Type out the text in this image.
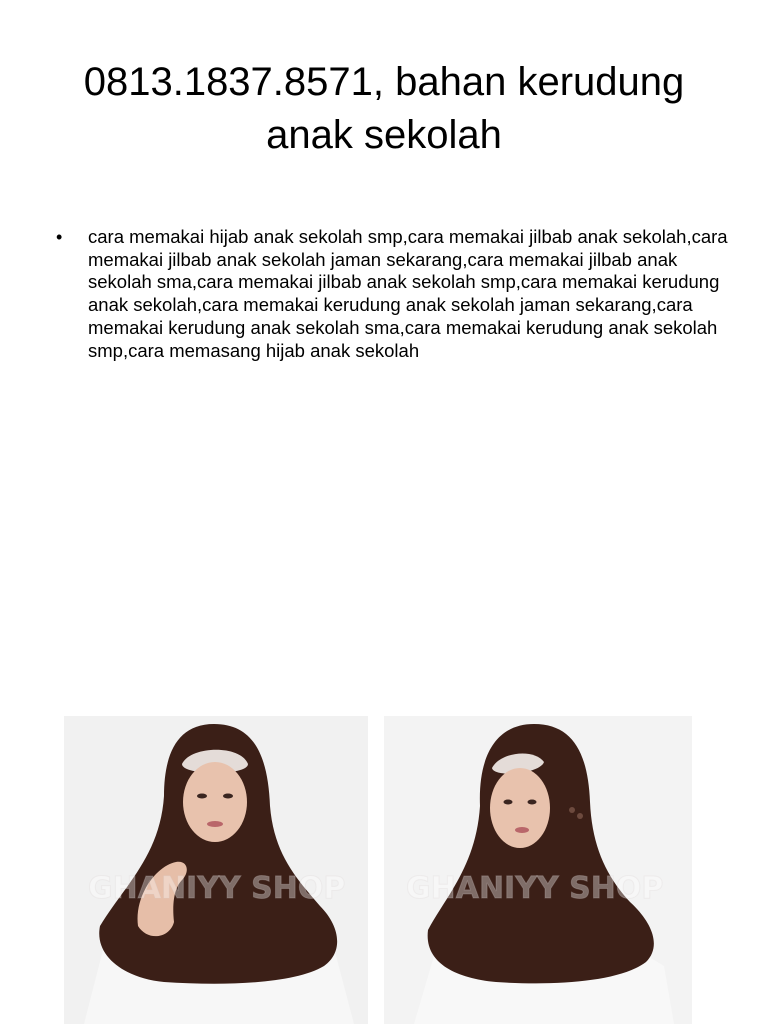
0813.1837.8571, bahan kerudung anak sekolah
• cara memakai hijab anak sekolah smp,cara memakai jilbab anak sekolah,cara memakai jilbab anak sekolah jaman sekarang,cara memakai jilbab anak sekolah sma,cara memakai jilbab anak sekolah smp,cara memakai kerudung anak sekolah,cara memakai kerudung anak sekolah jaman sekarang,cara memakai kerudung anak sekolah sma,cara memakai kerudung anak sekolah smp,cara memasang hijab anak sekolah
GHANIYY SHOP GHANIYY SHOP
